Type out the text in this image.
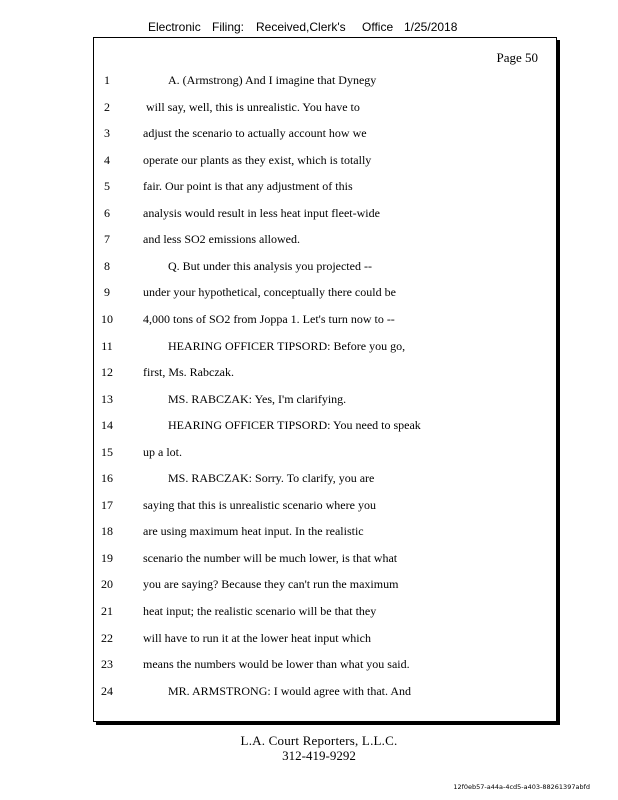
Electronic Filing: Received,Clerk's Office 1/25/2018
Page 50
1	A. (Armstrong) And I imagine that Dynegy
2	will say, well, this is unrealistic. You have to
3	adjust the scenario to actually account how we
4	operate our plants as they exist, which is totally
5	fair. Our point is that any adjustment of this
6	analysis would result in less heat input fleet-wide
7	and less SO2 emissions allowed.
8	Q. But under this analysis you projected --
9	under your hypothetical, conceptually there could be
10	4,000 tons of SO2 from Joppa 1. Let's turn now to --
11	HEARING OFFICER TIPSORD: Before you go,
12	first, Ms. Rabczak.
13	MS. RABCZAK: Yes, I'm clarifying.
14	HEARING OFFICER TIPSORD: You need to speak
15	up a lot.
16	MS. RABCZAK: Sorry. To clarify, you are
17	saying that this is unrealistic scenario where you
18	are using maximum heat input. In the realistic
19	scenario the number will be much lower, is that what
20	you are saying? Because they can't run the maximum
21	heat input; the realistic scenario will be that they
22	will have to run it at the lower heat input which
23	means the numbers would be lower than what you said.
24	MR. ARMSTRONG: I would agree with that. And
L.A. Court Reporters, L.L.C.
312-419-9292
12f0eb57-a44a-4cd5-a403-88261397abfd
